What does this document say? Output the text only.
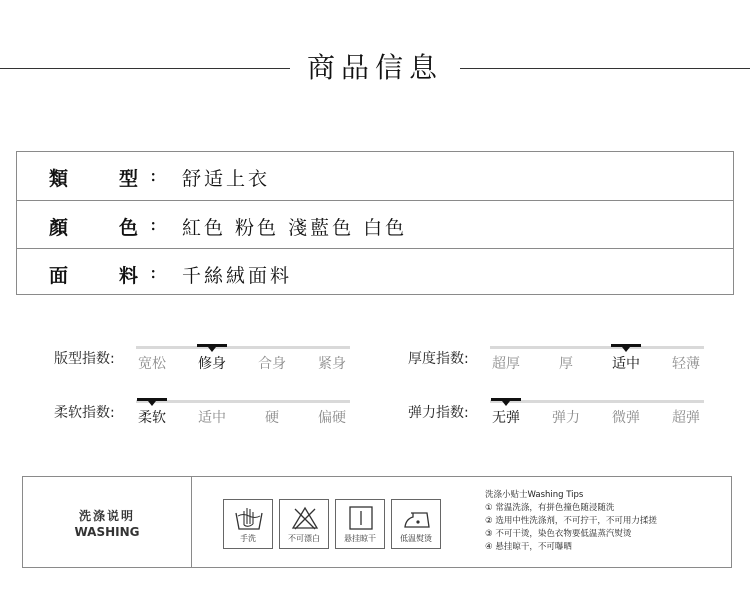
商品信息
類	型 : 舒适上衣
顏	色 : 紅色 粉色 淺藍色 白色
面	料 : 千絲絨面料
版型指数:	宽松	修身	合身	紧身	厚度指数:	超厚	厚	适中	轻薄
柔软指数:	柔软	适中	硬	偏硬	弹力指数:	无弹	弹力	微弹	超弹
洗涤说明
WASHING	手洗	不可漂白	悬挂晾干	低温熨烫
洗涤小贴士Washing Tips
① 常温洗涤，有拼色撞色随浸随洗
② 选用中性洗涤剂，不可拧干，不可用力揉搓
③ 不可干烫，染色衣物要低温蒸汽熨烫
④ 悬挂晾干，不可曝晒
